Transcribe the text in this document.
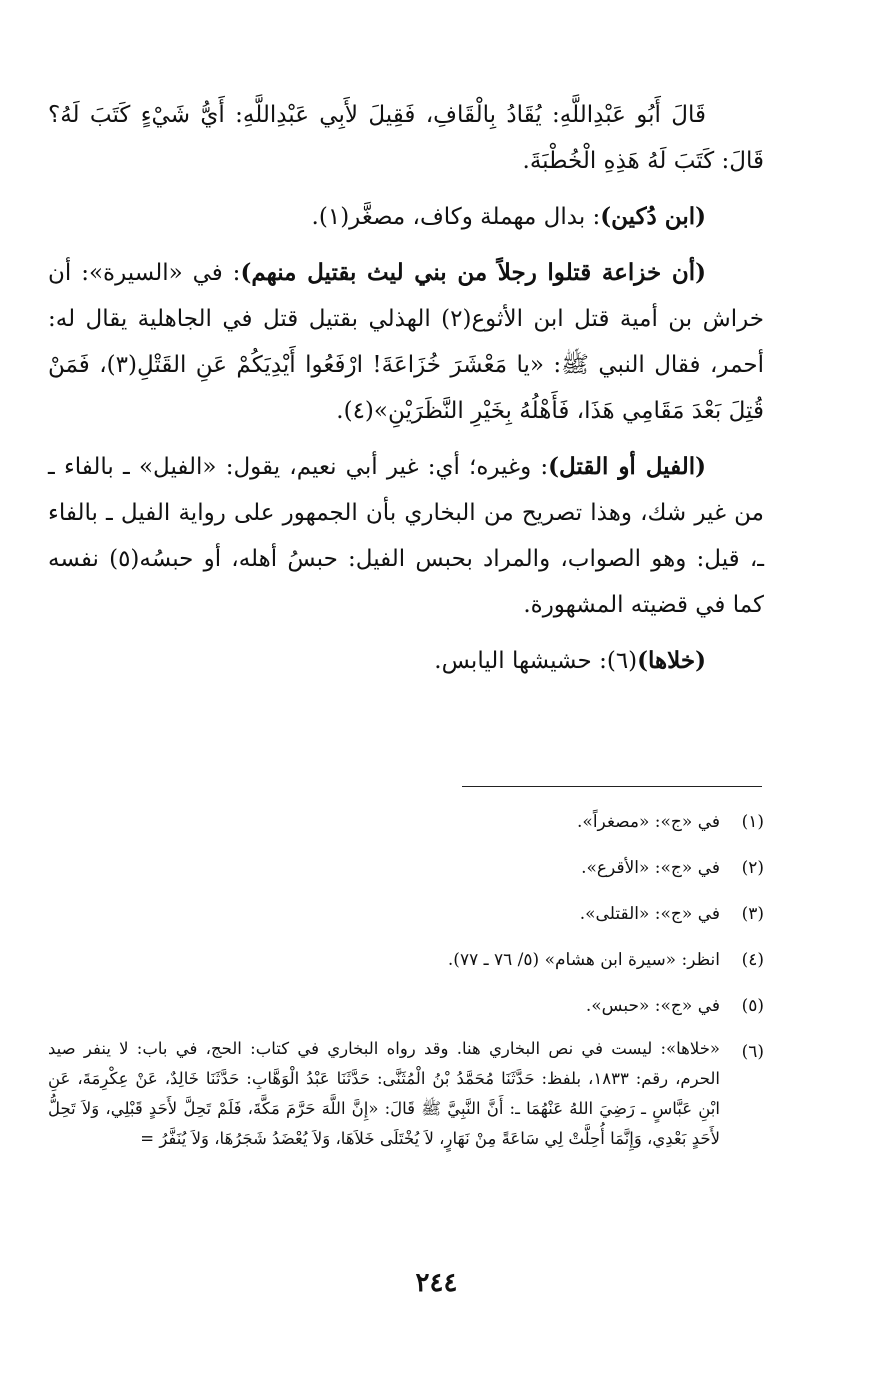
قَالَ أَبُو عَبْدِاللَّهِ: يُقَادُ بِالْقَافِ، فَقِيلَ لأَبِي عَبْدِاللَّهِ: أَيُّ شَيْءٍ كَتَبَ لَهُ؟ قَالَ: كَتَبَ لَهُ هَذِهِ الْخُطْبَةَ.

(ابن دُكين): بدال مهملة وكاف، مصغَّر(١).

(أن خزاعة قتلوا رجلاً من بني ليث بقتيل منهم): في «السيرة»: أن خراش بن أمية قتل ابن الأثوع(٢) الهذلي بقتيل قتل في الجاهلية يقال له: أحمر، فقال النبي ﷺ: «يا مَعْشَرَ خُزَاعَةَ! ارْفَعُوا أَيْدِيَكُمْ عَنِ القَتْلِ(٣)، فَمَنْ قُتِلَ بَعْدَ مَقَامِي هَذَا، فَأَهْلُهُ بِخَيْرِ النَّظَرَيْنِ»(٤).

(الفيل أو القتل): وغيره؛ أي: غير أبي نعيم، يقول: «الفيل» ـ بالفاء ـ من غير شك، وهذا تصريح من البخاري بأن الجمهور على رواية الفيل ـ بالفاء ـ، قيل: وهو الصواب، والمراد بحبس الفيل: حبسُ أهله، أو حبسُه(٥) نفسه كما في قضيته المشهورة.

(خلاها)(٦): حشيشها اليابس.

(١)
في «ج»: «مصغراً».
(٢)
في «ج»: «الأقرع».
(٣)
في «ج»: «القتلى».
(٤)
انظر: «سيرة ابن هشام» (٥/ ٧٦ ـ ٧٧).
(٥)
في «ج»: «حبس».
(٦)
«خلاها»: ليست في نص البخاري هنا. وقد رواه البخاري في كتاب: الحج، في باب: لا ينفر صيد الحرم، رقم: ١٨٣٣، بلفظ: حَدَّثَنَا مُحَمَّدُ بْنُ الْمُثَنَّى: حَدَّثَنَا عَبْدُ الْوَهَّابِ: حَدَّثَنَا خَالِدٌ، عَنْ عِكْرِمَةَ، عَنِ ابْنِ عَبَّاسٍ ـ رَضِيَ اللهُ عَنْهُمَا ـ: أَنَّ النَّبِيَّ ﷺ قَالَ: «إِنَّ اللَّهَ حَرَّمَ مَكَّةَ، فَلَمْ تَحِلَّ لأَحَدٍ قَبْلِي، وَلاَ تَحِلُّ لأَحَدٍ بَعْدِي، وَإِنَّمَا أُحِلَّتْ لِي سَاعَةً مِنْ نَهَارٍ، لاَ يُخْتَلَى خَلاَهَا، وَلاَ يُعْضَدُ شَجَرُهَا، وَلاَ يُنَفَّرُ =
٢٤٤
